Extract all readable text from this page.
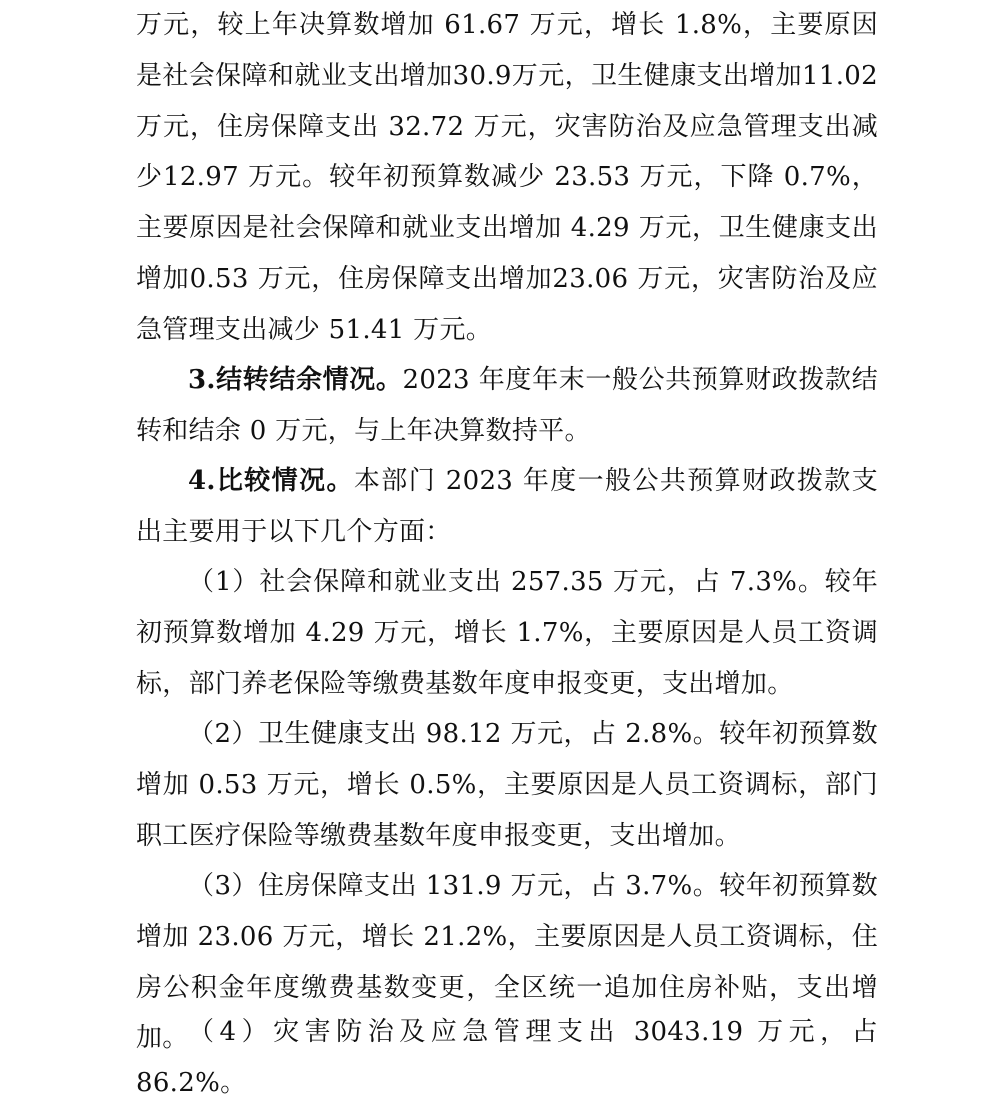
万元，较上年决算数增加 61.67 万元，增长 1.8%，主要原因是社会保障和就业支出增加30.9万元，卫生健康支出增加11.02万元，住房保障支出 32.72 万元，灾害防治及应急管理支出减少12.97 万元。较年初预算数减少 23.53 万元，下降 0.7%，主要原因是社会保障和就业支出增加 4.29 万元，卫生健康支出增加0.53 万元，住房保障支出增加23.06 万元，灾害防治及应急管理支出减少 51.41 万元。

3.结转结余情况。2023 年度年末一般公共预算财政拨款结转和结余 0 万元，与上年决算数持平。

4.比较情况。本部门 2023 年度一般公共预算财政拨款支出主要用于以下几个方面：

（1）社会保障和就业支出 257.35 万元，占 7.3%。较年初预算数增加 4.29 万元，增长 1.7%，主要原因是人员工资调标，部门养老保险等缴费基数年度申报变更，支出增加。

（2）卫生健康支出 98.12 万元，占 2.8%。较年初预算数增加 0.53 万元，增长 0.5%，主要原因是人员工资调标，部门职工医疗保险等缴费基数年度申报变更，支出增加。

（3）住房保障支出 131.9 万元，占 3.7%。较年初预算数增加 23.06 万元，增长 21.2%，主要原因是人员工资调标，住房公积金年度缴费基数变更，全区统一追加住房补贴，支出增加。 （4）灾害防治及应急管理支出 3043.19 万元，占 86.2%。
